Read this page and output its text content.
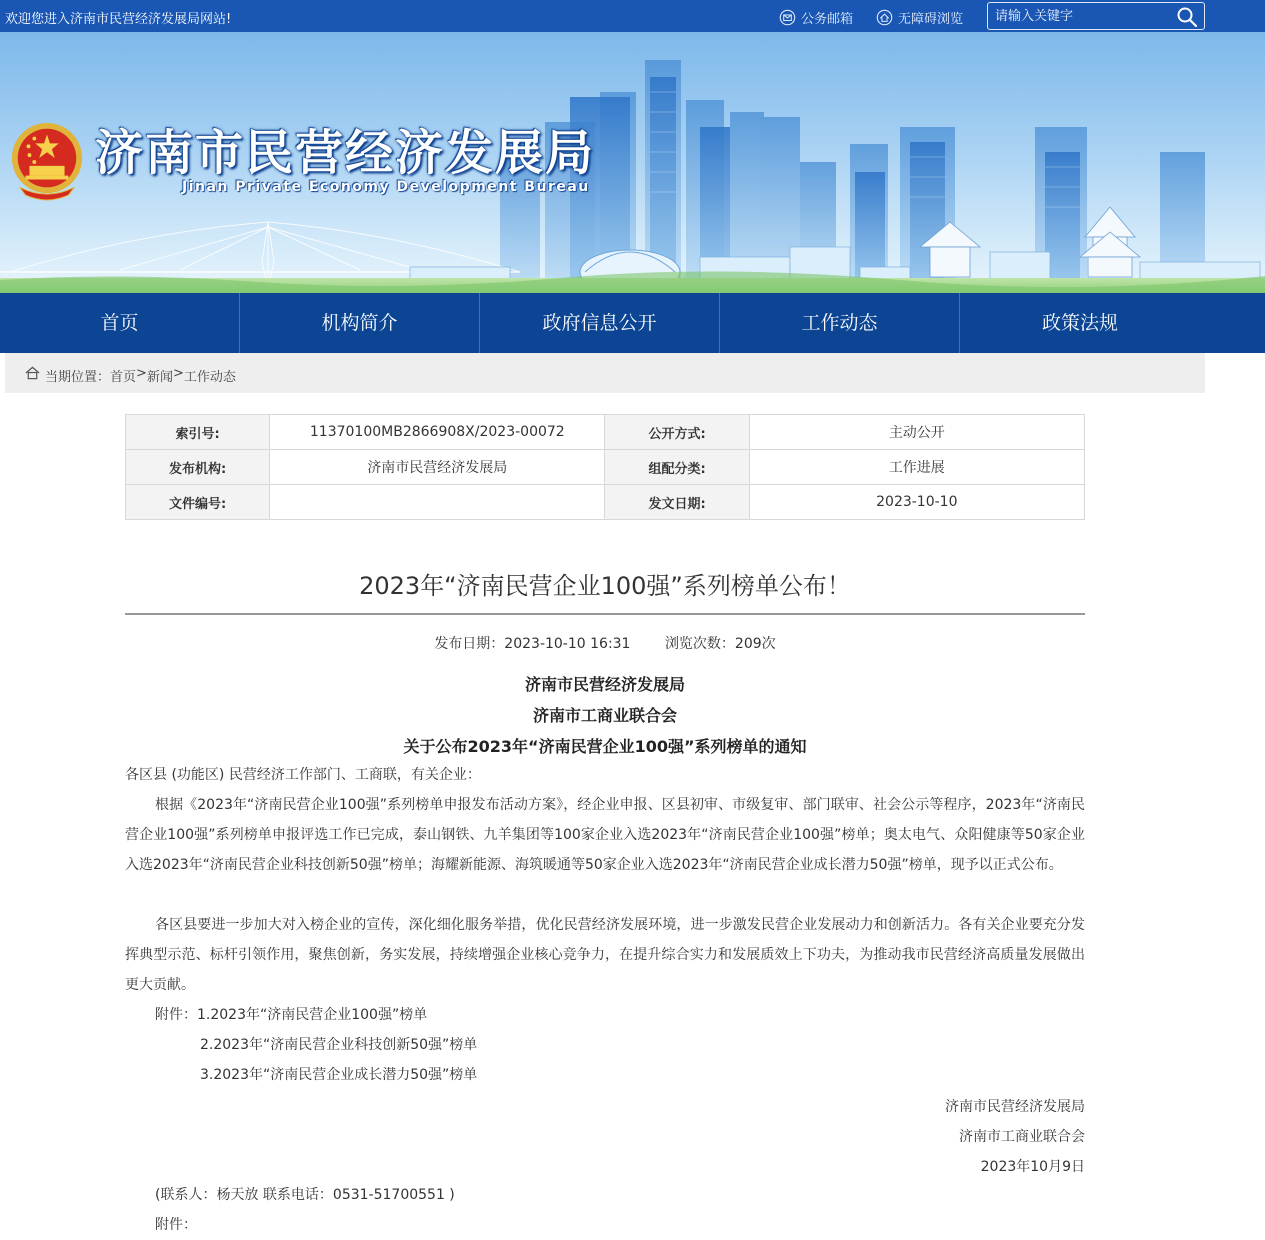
欢迎您进入济南市民营经济发展局网站!	公务邮箱	无障碍浏览
请输入关键字
济南市民营经济发展局
Jinan Private Economy Development Bureau
首页	机构简介	政府信息公开	工作动态	政策法规
当期位置： 首页 > 新闻 > 工作动态
索引号:	11370100MB2866908X/2023-00072	公开方式:	主动公开
发布机构:	济南市民营经济发展局	组配分类:	工作进展
文件编号:		发文日期:	2023-10-10
2023年“济南民营企业100强”系列榜单公布！
发布日期：2023-10-10 16:31 浏览次数：209次
济南市民营经济发展局
济南市工商业联合会
关于公布2023年“济南民营企业100强”系列榜单的通知
各区县 (功能区) 民营经济工作部门、工商联，有关企业：
根据《2023年“济南民营企业100强”系列榜单申报发布活动方案》，经企业申报、区县初审、市级复审、部门联审、社会公示等程序，2023年“济南民营企业100强”系列榜单申报评选工作已完成，泰山钢铁、九羊集团等100家企业入选2023年“济南民营企业100强”榜单；奥太电气、众阳健康等50家企业入选2023年“济南民营企业科技创新50强”榜单；海耀新能源、海筑暖通等50家企业入选2023年“济南民营企业成长潜力50强”榜单，现予以正式公布。
各区县要进一步加大对入榜企业的宣传，深化细化服务举措，优化民营经济发展环境，进一步激发民营企业发展动力和创新活力。各有关企业要充分发挥典型示范、标杆引领作用，聚焦创新，务实发展，持续增强企业核心竞争力，在提升综合实力和发展质效上下功夫，为推动我市民营经济高质量发展做出更大贡献。
附件：1.2023年“济南民营企业100强”榜单
2.2023年“济南民营企业科技创新50强”榜单
3.2023年“济南民营企业成长潜力50强”榜单
济南市民营经济发展局
济南市工商业联合会
2023年10月9日
(联系人：杨天放 联系电话：0531-51700551 )
附件：
